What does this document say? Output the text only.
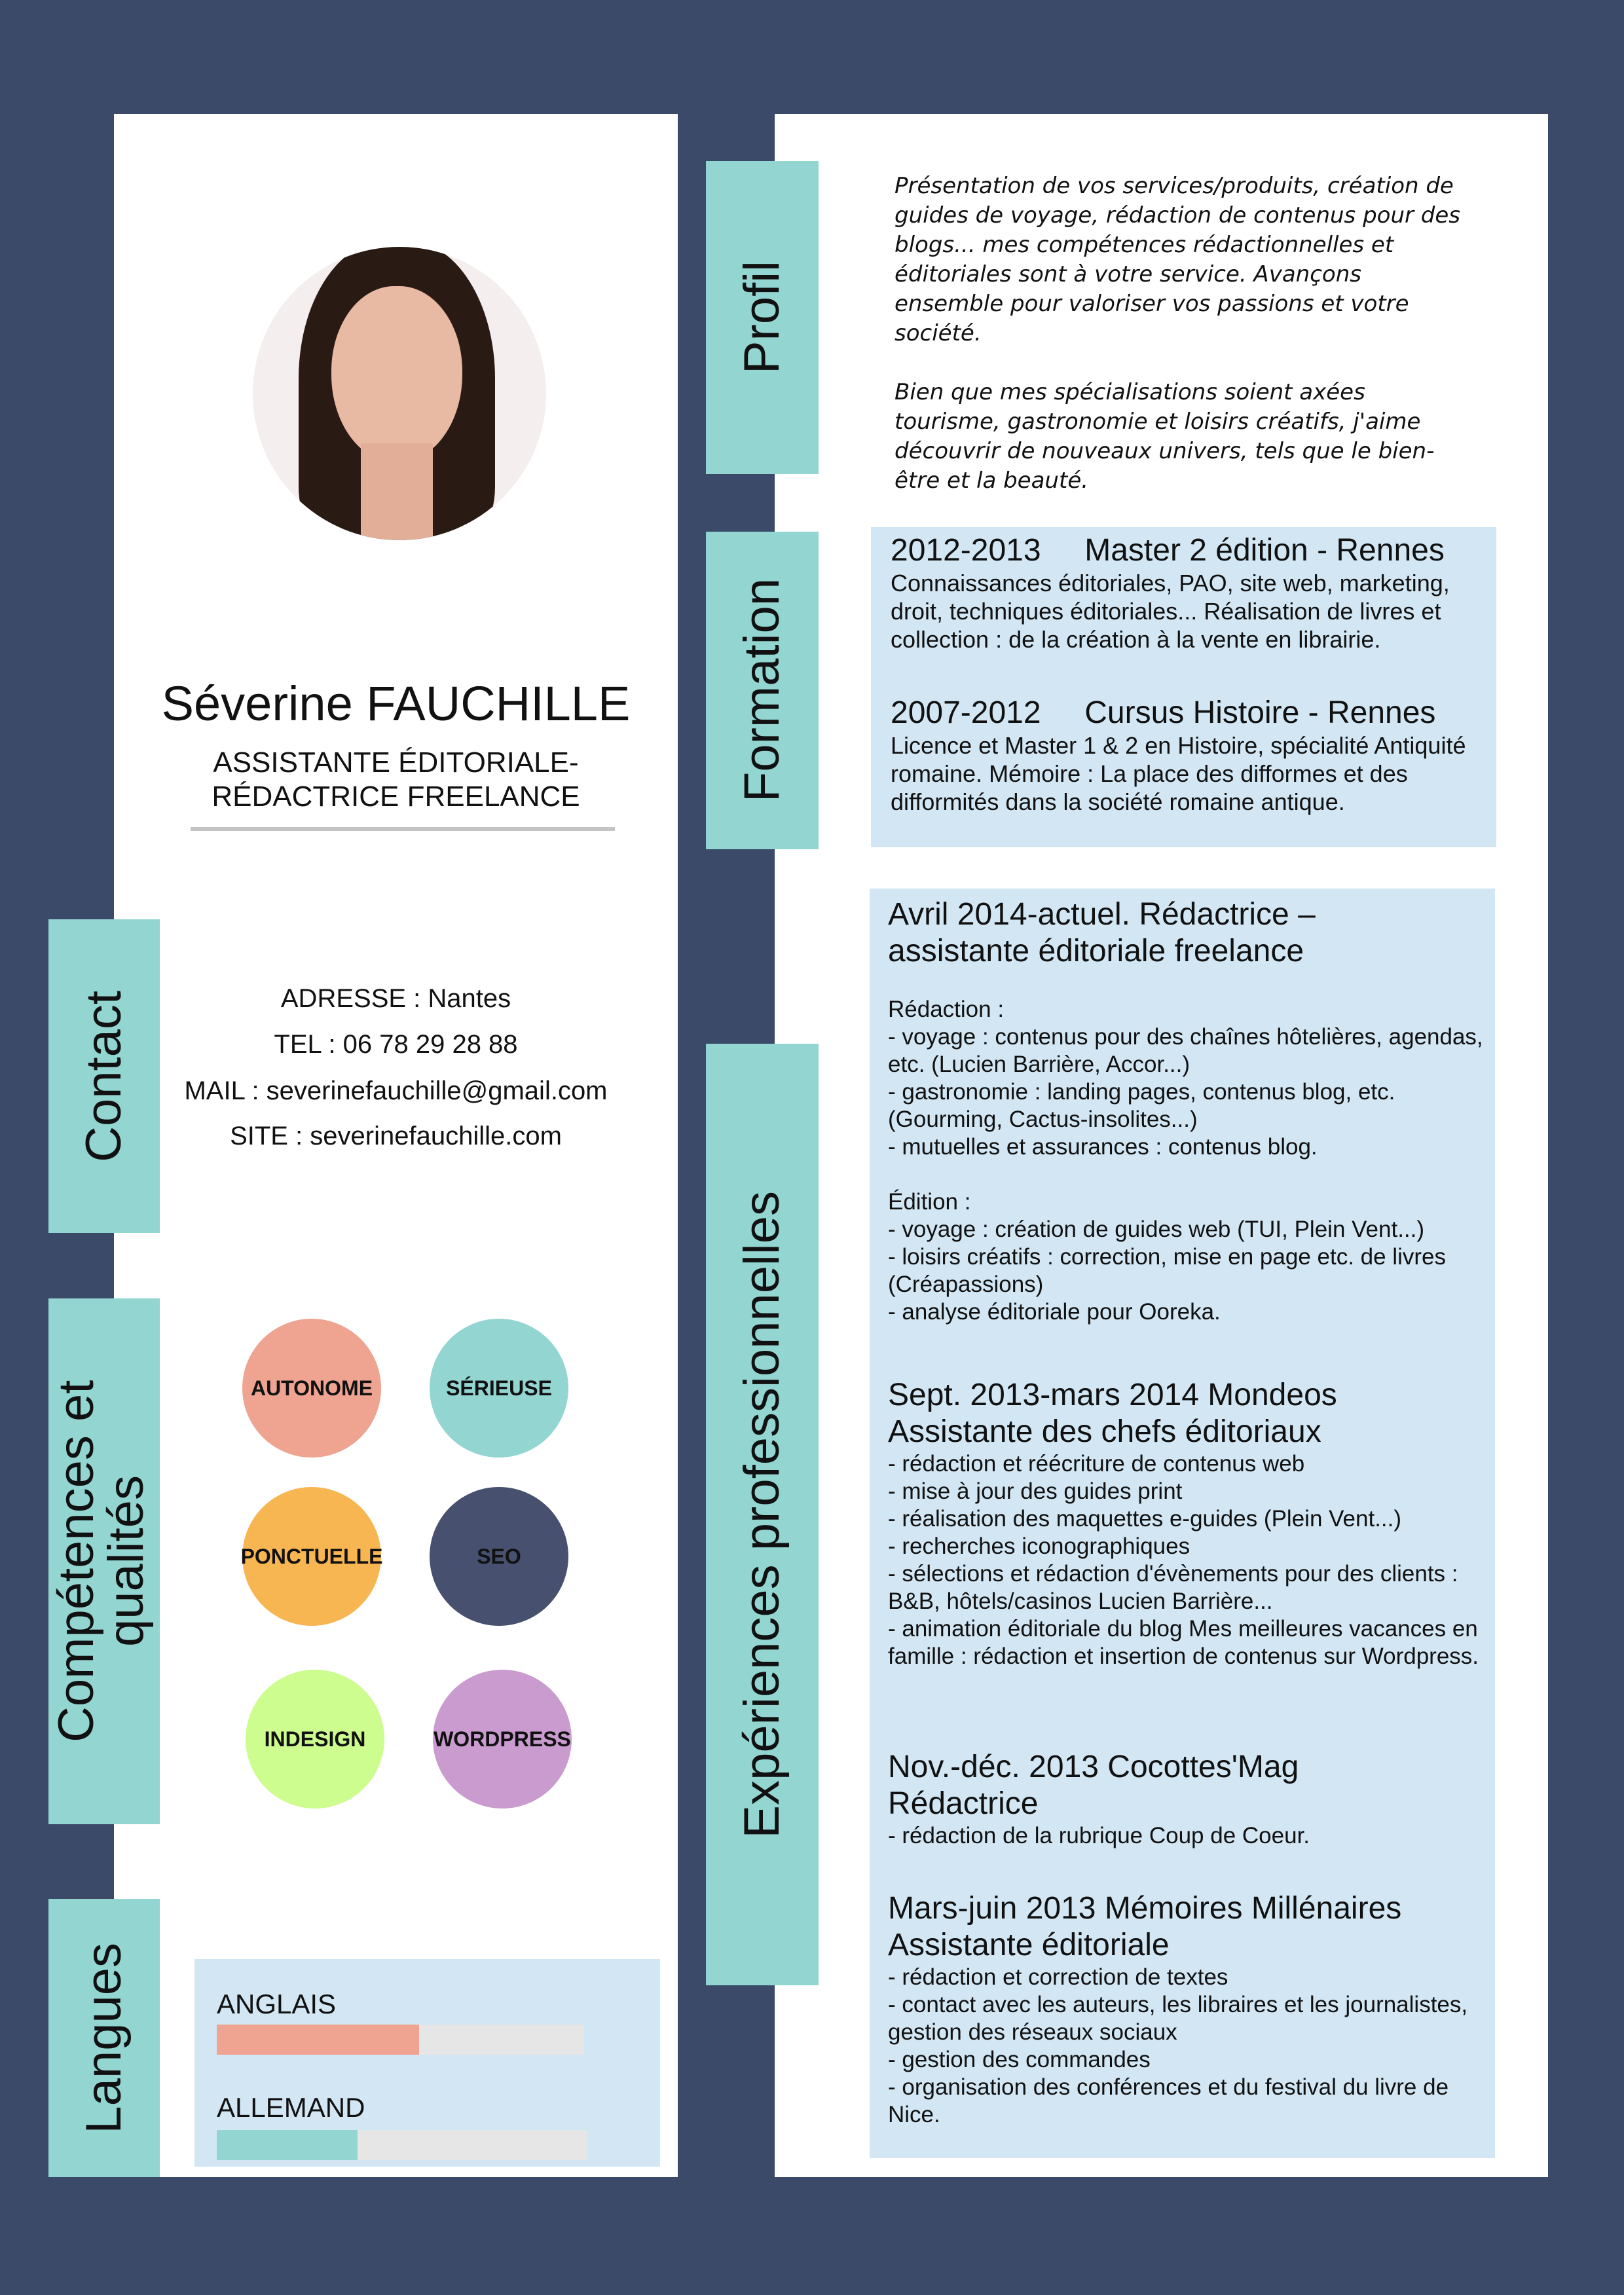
Séverine FAUCHILLE
ASSISTANTE ÉDITORIALE-
RÉDACTRICE FREELANCE
Contact
Compétences et qualités
Langues
Profil
Formation
Expériences professionnelles
ADRESSE : Nantes
TEL : 06 78 29 28 88
MAIL : severinefauchille@gmail.com
SITE : severinefauchille.com
AUTONOME	SÉRIEUSE
PONCTUELLE	SEO
INDESIGN	WORDPRESS
ANGLAIS
ALLEMAND

Présentation de vos services/produits, création de guides de voyage, rédaction de contenus pour des blogs... mes compétences rédactionnelles et éditoriales sont à votre service. Avançons ensemble pour valoriser vos passions et votre société.

Bien que mes spécialisations soient axées tourisme, gastronomie et loisirs créatifs, j'aime découvrir de nouveaux univers, tels que le bien-être et la beauté.

2012-2013     Master 2 édition - Rennes
Connaissances éditoriales, PAO, site web, marketing, droit, techniques éditoriales... Réalisation de livres et collection : de la création à la vente en librairie.
2007-2012     Cursus Histoire - Rennes
Licence et Master 1 & 2 en Histoire, spécialité Antiquité romaine. Mémoire : La place des difformes et des difformités dans la société romaine antique.
Avril 2014-actuel. Rédactrice – assistante éditoriale freelance
Rédaction :
- voyage : contenus pour des chaînes hôtelières, agendas, etc. (Lucien Barrière, Accor...)
- gastronomie : landing pages, contenus blog, etc. (Gourming, Cactus-insolites...)
- mutuelles et assurances : contenus blog.

Édition :
- voyage : création de guides web (TUI, Plein Vent...)
- loisirs créatifs : correction, mise en page etc. de livres (Créapassions)
- analyse éditoriale pour Ooreka.
Sept. 2013-mars 2014 Mondeos
Assistante des chefs éditoriaux
- rédaction et réécriture de contenus web
- mise à jour des guides print
- réalisation des maquettes e-guides (Plein Vent...)
- recherches iconographiques
- sélections et rédaction d'évènements pour des clients : B&B, hôtels/casinos Lucien Barrière...
- animation éditoriale du blog Mes meilleures vacances en famille : rédaction et insertion de contenus sur Wordpress.
Nov.-déc. 2013 Cocottes'Mag
Rédactrice
- rédaction de la rubrique Coup de Coeur.
Mars-juin 2013 Mémoires Millénaires
Assistante éditoriale
- rédaction et correction de textes
- contact avec les auteurs, les libraires et les journalistes, gestion des réseaux sociaux
- gestion des commandes
- organisation des conférences et du festival du livre de Nice.
